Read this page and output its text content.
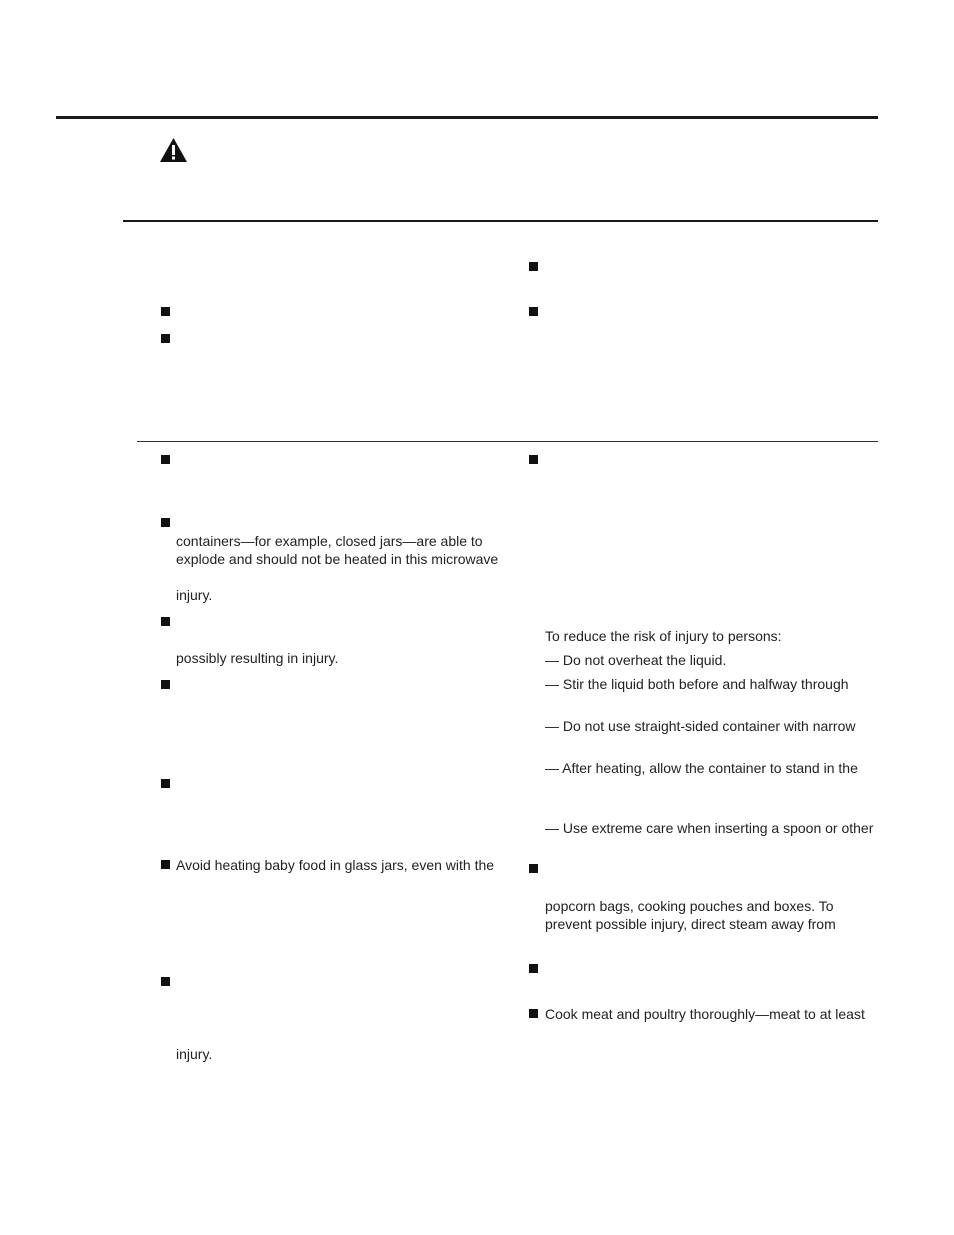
containers—for example, closed jars—are able to
explode and should not be heated in this microwave
injury.
possibly resulting in injury.
Avoid heating baby food in glass jars, even with the
injury.
To reduce the risk of injury to persons:
— Do not overheat the liquid.
— Stir the liquid both before and halfway through
— Do not use straight-sided container with narrow
— After heating, allow the container to stand in the
— Use extreme care when inserting a spoon or other
popcorn bags, cooking pouches and boxes. To
prevent possible injury, direct steam away from
Cook meat and poultry thoroughly—meat to at least
